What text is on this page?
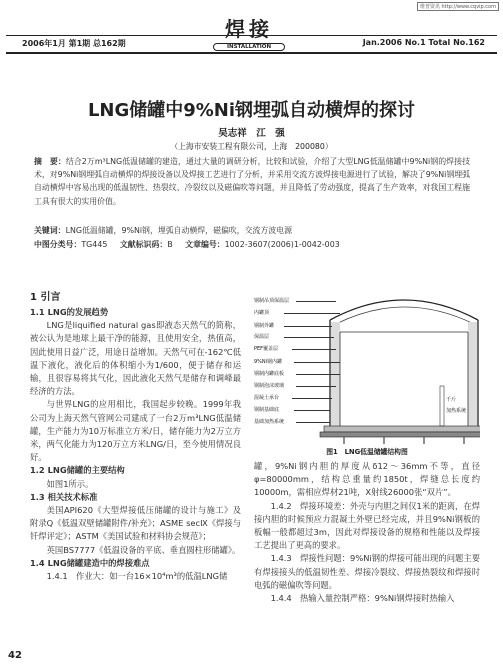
维普资讯 http://www.cqvip.com
2006年1月 第1期 总162期
焊接
INSTALLATION	Jan.2006 No.1 Total No.162
LNG储罐中9%Ni钢埋弧自动横焊的探讨
吴志祥　江　强
（上海市安装工程有限公司，上海　200080）
摘　要：结合2万m³LNG低温储罐的建造，通过大量的调研分析，比较和试验，介绍了大型LNG低温储罐中9%Ni钢的焊接技术，对9%Ni钢埋弧自动横焊的焊接设备以及焊接工艺进行了分析，并采用交流方波焊接电源进行了试验，解决了9%Ni钢埋弧自动横焊中容易出现的低温韧性、热裂纹、冷裂纹以及磁偏吹等问题，并且降低了劳动强度，提高了生产效率，对我国工程施工具有很大的实用价值。
关键词：LNG低温储罐，9%Ni钢，埋弧自动横焊，磁偏吹，交流方波电源
中图分类号：TG445 文献标识码：B 文章编号：1002-3607(2006)1-0042-003
1 引言
1.1 LNG的发展趋势
LNG是liquified natural gas即液态天然气的简称，被公认为是地球上最干净的能源，且使用安全，热值高，因此使用日益广泛，用途日益增加。天然气可在-162℃低温下液化，液化后的体积缩小为1/600，便于储存和运输，且很容易将其气化，因此液化天然气是储存和调峰最经济的方法。
与世界LNG的应用相比，我国起步较晚。1999年我公司为上海天然气管网公司建成了一台2万m³LNG低温储罐，生产能力为10万标准立方米/日，储存能力为2万立方米，两气化能力为120万立方米LNG/日，至今使用情况良好。
1.2 LNG储罐的主要结构
如图1所示。
1.3 相关技术标准
美国API620《大型焊接低压储罐的设计与施工》及附录Q《低温双壁储罐附件/补充》；ASME secⅨ《焊接与钎焊评定》；ASTM《美国试验和材料协会规范》；
英国BS7777《低温设备的平底、垂直圆柱形储罐》。
1.4 LNG储罐建造中的焊接难点
1.4.1　作业大：如一台16×10⁴m³的低温LNG储
钢制吊顶保温层
内罐顶
钢制外罐
保温层
PEF覆盖层
9%Ni钢内罐
钢制内罐底板
钢制泡沫玻璃
混凝土承台
钢制基础底
基础加热系统
千斤
加热系统
图1　LNG低温储罐结构图
罐，9%Ni钢内胆的厚度从δ12～36mm不等，直径φ=80000mm，结构总重量约1850t，焊缝总长度约10000m，需相应焊材21吨，X射线26000张“双片”。
1.4.2　焊接环境差：外壳与内胆之间仅1米的距离，在焊接内胆的时候预应力混凝土外壁已经完成，并且9%Ni钢板的板幅一般都超过3m，因此对焊接设备的规格和性能以及焊接工艺提出了更高的要求。
1.4.3　焊接性问题：9%Ni钢的焊接可能出现的问题主要有焊接接头的低温韧性差、焊接冷裂纹、焊接热裂纹和焊接时电弧的磁偏吹等问题。
1.4.4　热输入量控制严格：9%Ni钢焊接时热输入
42
